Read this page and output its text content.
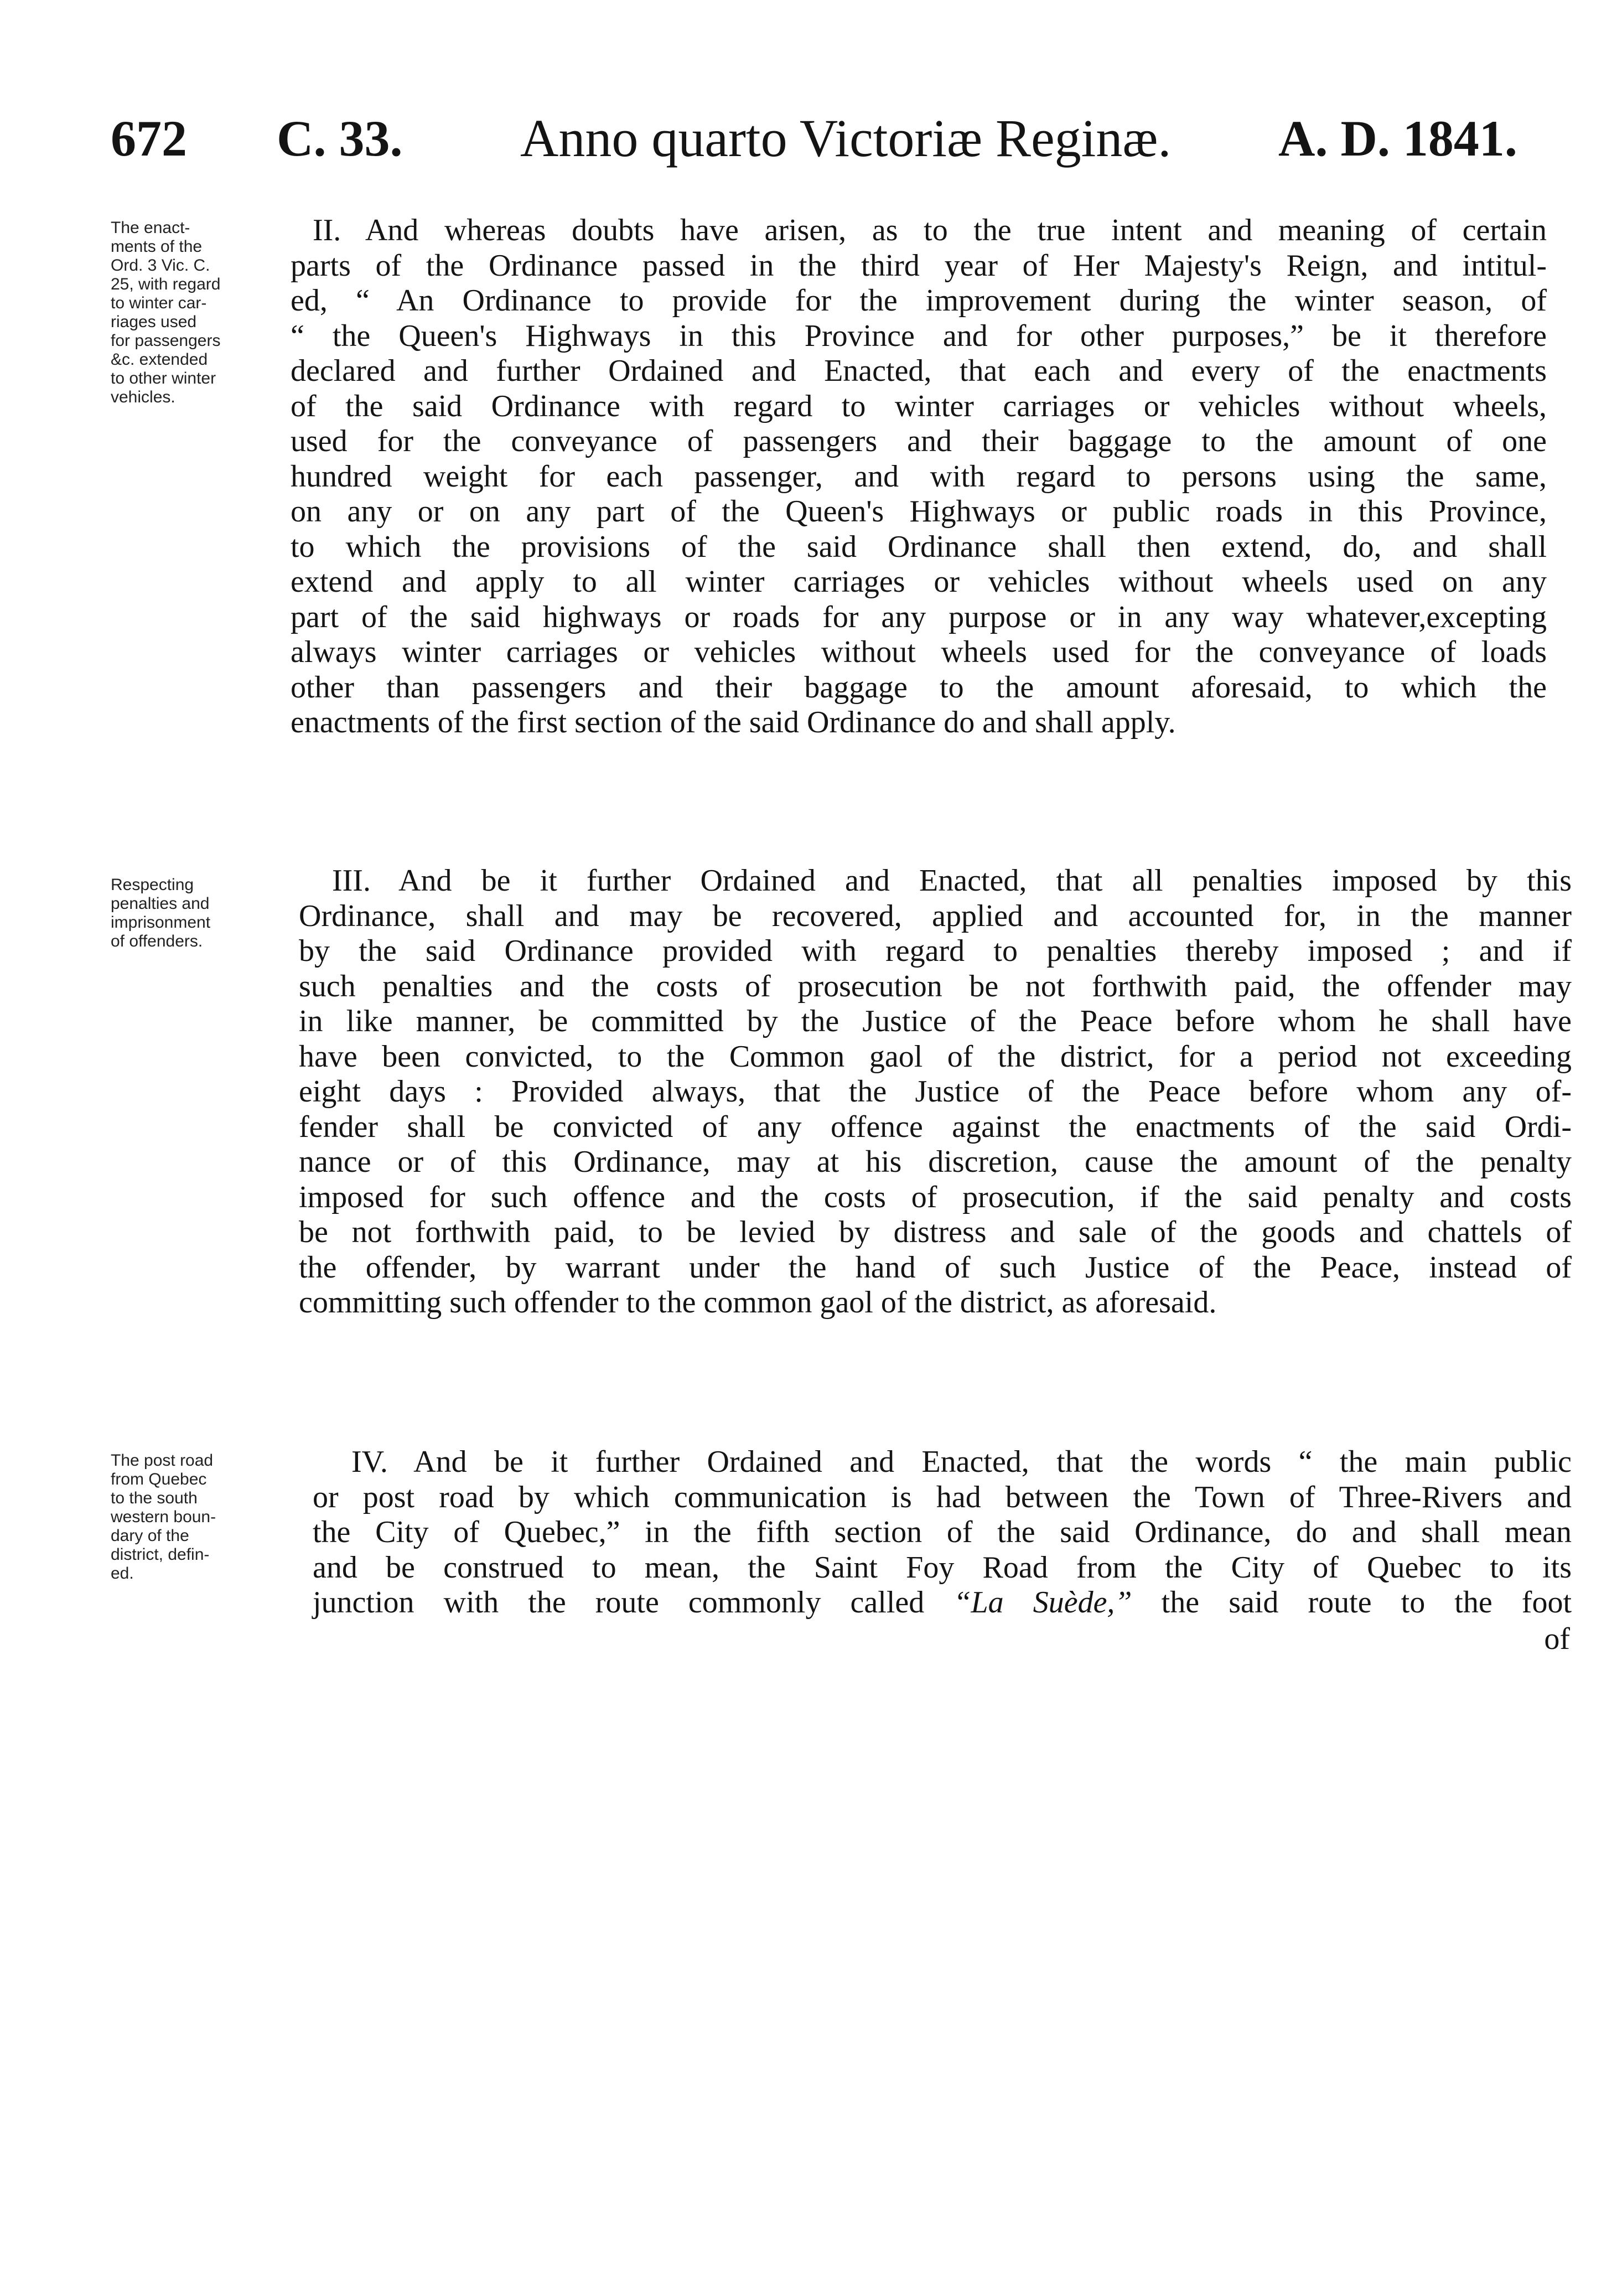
672 C. 33. Anno quarto Victoriæ Reginæ. A. D. 1841.
The enact-
ments of the
Ord. 3 Vic. C.
25, with regard
to winter car-
riages used
for passengers
&c. extended
to other winter
vehicles.
II. And whereas doubts have arisen, as to the true intent and meaning of certain
parts of the Ordinance passed in the third year of Her Majesty's Reign, and intitul-
ed, “ An Ordinance to provide for the improvement during the winter season, of
“ the Queen's Highways in this Province and for other purposes,” be it therefore
declared and further Ordained and Enacted, that each and every of the enactments
of the said Ordinance with regard to winter carriages or vehicles without wheels,
used for the conveyance of passengers and their baggage to the amount of one
hundred weight for each passenger, and with regard to persons using the same,
on any or on any part of the Queen's Highways or public roads in this Province,
to which the provisions of the said Ordinance shall then extend, do, and shall
extend and apply to all winter carriages or vehicles without wheels used on any
part of the said highways or roads for any purpose or in any way whatever,excepting
always winter carriages or vehicles without wheels used for the conveyance of loads
other than passengers and their baggage to the amount aforesaid, to which the
enactments of the first section of the said Ordinance do and shall apply.
Respecting
penalties and
imprisonment
of offenders.
III. And be it further Ordained and Enacted, that all penalties imposed by this
Ordinance, shall and may be recovered, applied and accounted for, in the manner
by the said Ordinance provided with regard to penalties thereby imposed ; and if
such penalties and the costs of prosecution be not forthwith paid, the offender may
in like manner, be committed by the Justice of the Peace before whom he shall have
have been convicted, to the Common gaol of the district, for a period not exceeding
eight days : Provided always, that the Justice of the Peace before whom any of-
fender shall be convicted of any offence against the enactments of the said Ordi-
nance or of this Ordinance, may at his discretion, cause the amount of the penalty
imposed for such offence and the costs of prosecution, if the said penalty and costs
be not forthwith paid, to be levied by distress and sale of the goods and chattels of
the offender, by warrant under the hand of such Justice of the Peace, instead of
committing such offender to the common gaol of the district, as aforesaid.
The post road
from Quebec
to the south
western boun-
dary of the
district, defin-
ed.
IV. And be it further Ordained and Enacted, that the words “ the main public
or post road by which communication is had between the Town of Three-Rivers and
the City of Quebec,” in the fifth section of the said Ordinance, do and shall mean
and be construed to mean, the Saint Foy Road from the City of Quebec to its
junction with the route commonly called “La Suède,” the said route to the foot
of
